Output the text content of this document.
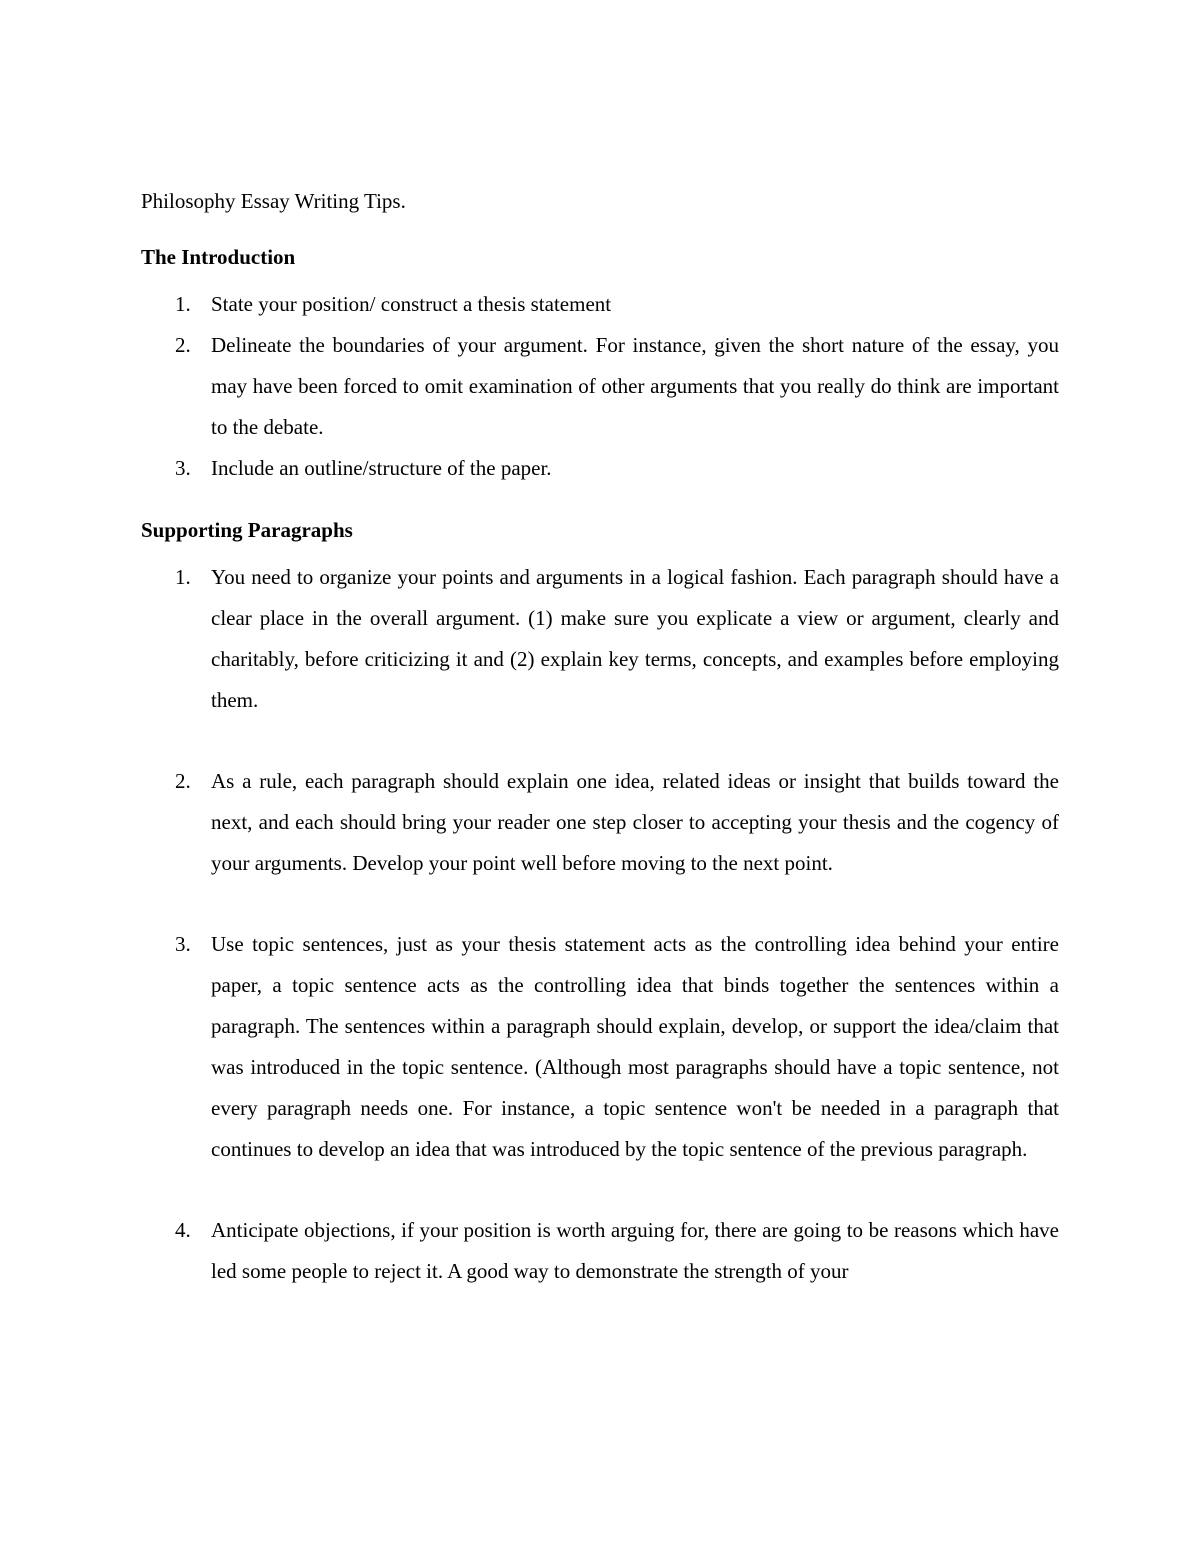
Philosophy Essay Writing Tips.
The Introduction
1. State your position/ construct a thesis statement
2. Delineate the boundaries of your argument. For instance, given the short nature of the essay, you may have been forced to omit examination of other arguments that you really do think are important to the debate.
3. Include an outline/structure of the paper.
Supporting Paragraphs
1. You need to organize your points and arguments in a logical fashion. Each paragraph should have a clear place in the overall argument. (1) make sure you explicate a view or argument, clearly and charitably, before criticizing it and (2) explain key terms, concepts, and examples before employing them.
2. As a rule, each paragraph should explain one idea, related ideas or insight that builds toward the next, and each should bring your reader one step closer to accepting your thesis and the cogency of your arguments. Develop your point well before moving to the next point.
3. Use topic sentences, just as your thesis statement acts as the controlling idea behind your entire paper, a topic sentence acts as the controlling idea that binds together the sentences within a paragraph. The sentences within a paragraph should explain, develop, or support the idea/claim that was introduced in the topic sentence. (Although most paragraphs should have a topic sentence, not every paragraph needs one. For instance, a topic sentence won't be needed in a paragraph that continues to develop an idea that was introduced by the topic sentence of the previous paragraph.
4. Anticipate objections, if your position is worth arguing for, there are going to be reasons which have led some people to reject it. A good way to demonstrate the strength of your
